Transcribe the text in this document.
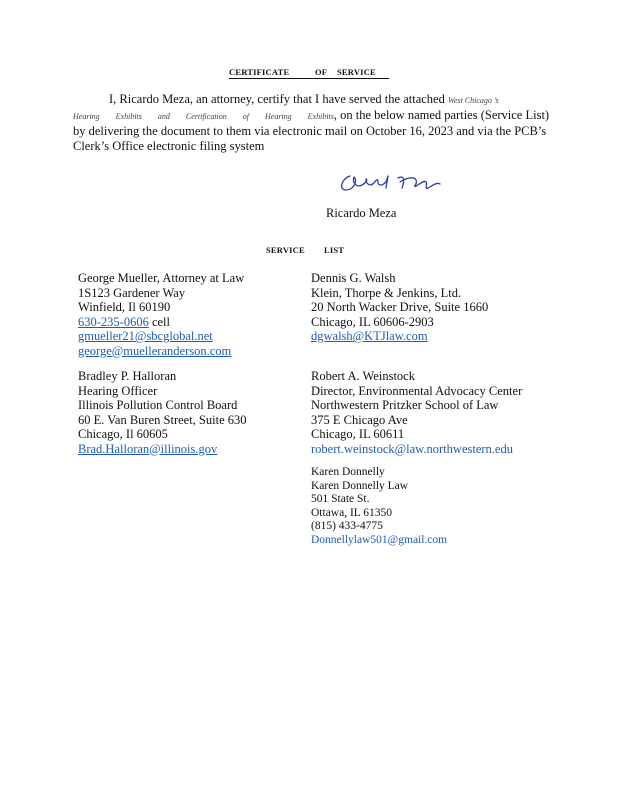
CERTIFICATE	OF SERVICE
I, Ricardo Meza, an attorney, certify that I have served the attached West Chicago ’s
Hearing Exhibits and Certification of Hearing Exhibits, on the below named parties (Service List)
by delivering the document to them via electronic mail on October 16, 2023 and via the PCB’s
Clerk’s Office electronic filing system
Ricardo Meza
SERVICE LIST
George Mueller, Attorney at Law
1S123 Gardener Way
Winfield, Il 60190
630-235-0606 cell
gmueller21@sbcglobal.net
george@muelleranderson.com
Dennis G. Walsh
Klein, Thorpe & Jenkins, Ltd.
20 North Wacker Drive, Suite 1660
Chicago, IL 60606-2903
dgwalsh@KTJlaw.com
Bradley P. Halloran
Hearing Officer
Illinois Pollution Control Board
60 E. Van Buren Street, Suite 630
Chicago, Il 60605
Brad.Halloran@illinois.gov
Robert A. Weinstock
Director, Environmental Advocacy Center
Northwestern Pritzker School of Law
375 E Chicago Ave
Chicago, IL 60611
robert.weinstock@law.northwestern.edu
Karen Donnelly
Karen Donnelly Law
501 State St.
Ottawa, IL 61350
(815) 433-4775
Donnellylaw501@gmail.com
